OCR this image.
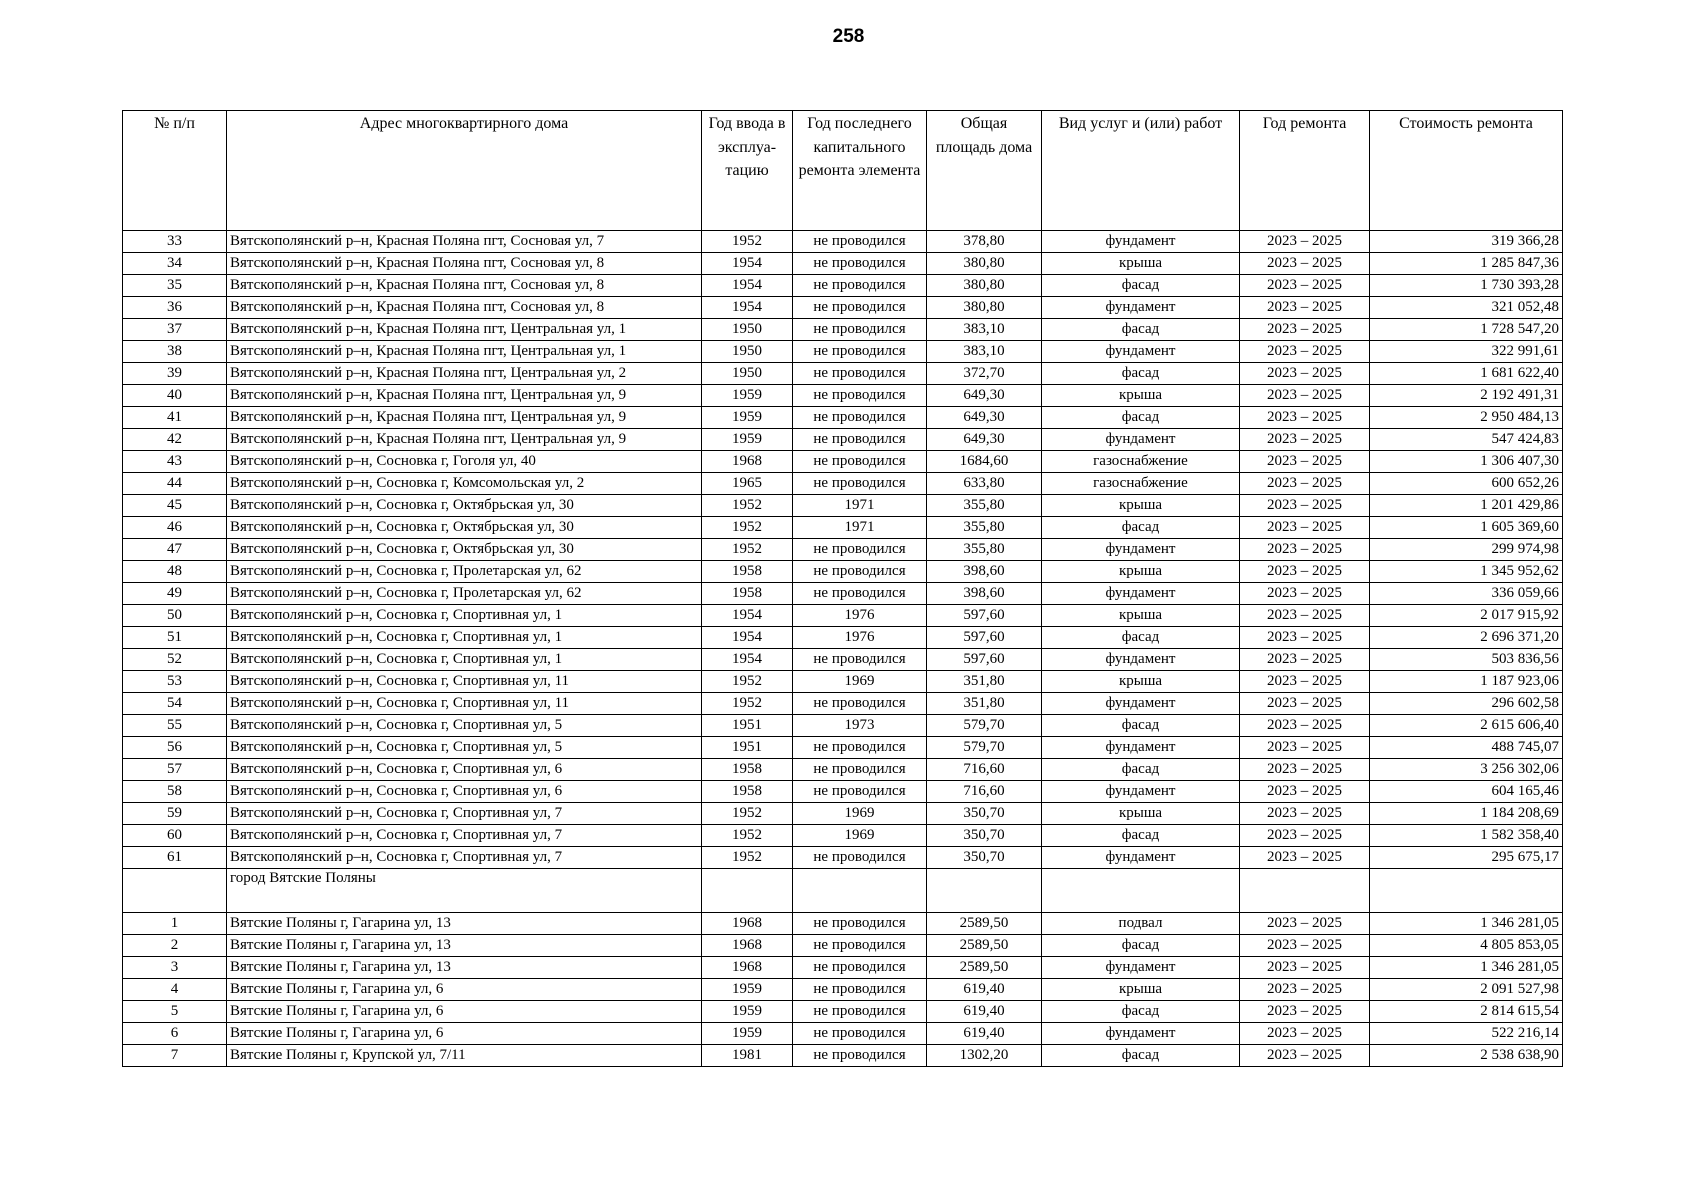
258
№ п/п	Адрес многоквартирного дома	Год ввода в эксплуа-тацию	Год последнего капитального ремонта элемента	Общая площадь дома	Вид услуг и (или) работ	Год ремонта	Стоимость ремонта
33	Вятскополянский р–н, Красная Поляна пгт, Сосновая ул, 7	1952	не проводился	378,80	фундамент	2023 – 2025	319 366,28
34	Вятскополянский р–н, Красная Поляна пгт, Сосновая ул, 8	1954	не проводился	380,80	крыша	2023 – 2025	1 285 847,36
35	Вятскополянский р–н, Красная Поляна пгт, Сосновая ул, 8	1954	не проводился	380,80	фасад	2023 – 2025	1 730 393,28
36	Вятскополянский р–н, Красная Поляна пгт, Сосновая ул, 8	1954	не проводился	380,80	фундамент	2023 – 2025	321 052,48
37	Вятскополянский р–н, Красная Поляна пгт, Центральная ул, 1	1950	не проводился	383,10	фасад	2023 – 2025	1 728 547,20
38	Вятскополянский р–н, Красная Поляна пгт, Центральная ул, 1	1950	не проводился	383,10	фундамент	2023 – 2025	322 991,61
39	Вятскополянский р–н, Красная Поляна пгт, Центральная ул, 2	1950	не проводился	372,70	фасад	2023 – 2025	1 681 622,40
40	Вятскополянский р–н, Красная Поляна пгт, Центральная ул, 9	1959	не проводился	649,30	крыша	2023 – 2025	2 192 491,31
41	Вятскополянский р–н, Красная Поляна пгт, Центральная ул, 9	1959	не проводился	649,30	фасад	2023 – 2025	2 950 484,13
42	Вятскополянский р–н, Красная Поляна пгт, Центральная ул, 9	1959	не проводился	649,30	фундамент	2023 – 2025	547 424,83
43	Вятскополянский р–н, Сосновка г, Гоголя ул, 40	1968	не проводился	1684,60	газоснабжение	2023 – 2025	1 306 407,30
44	Вятскополянский р–н, Сосновка г, Комсомольская ул, 2	1965	не проводился	633,80	газоснабжение	2023 – 2025	600 652,26
45	Вятскополянский р–н, Сосновка г, Октябрьская ул, 30	1952	1971	355,80	крыша	2023 – 2025	1 201 429,86
46	Вятскополянский р–н, Сосновка г, Октябрьская ул, 30	1952	1971	355,80	фасад	2023 – 2025	1 605 369,60
47	Вятскополянский р–н, Сосновка г, Октябрьская ул, 30	1952	не проводился	355,80	фундамент	2023 – 2025	299 974,98
48	Вятскополянский р–н, Сосновка г, Пролетарская ул, 62	1958	не проводился	398,60	крыша	2023 – 2025	1 345 952,62
49	Вятскополянский р–н, Сосновка г, Пролетарская ул, 62	1958	не проводился	398,60	фундамент	2023 – 2025	336 059,66
50	Вятскополянский р–н, Сосновка г, Спортивная ул, 1	1954	1976	597,60	крыша	2023 – 2025	2 017 915,92
51	Вятскополянский р–н, Сосновка г, Спортивная ул, 1	1954	1976	597,60	фасад	2023 – 2025	2 696 371,20
52	Вятскополянский р–н, Сосновка г, Спортивная ул, 1	1954	не проводился	597,60	фундамент	2023 – 2025	503 836,56
53	Вятскополянский р–н, Сосновка г, Спортивная ул, 11	1952	1969	351,80	крыша	2023 – 2025	1 187 923,06
54	Вятскополянский р–н, Сосновка г, Спортивная ул, 11	1952	не проводился	351,80	фундамент	2023 – 2025	296 602,58
55	Вятскополянский р–н, Сосновка г, Спортивная ул, 5	1951	1973	579,70	фасад	2023 – 2025	2 615 606,40
56	Вятскополянский р–н, Сосновка г, Спортивная ул, 5	1951	не проводился	579,70	фундамент	2023 – 2025	488 745,07
57	Вятскополянский р–н, Сосновка г, Спортивная ул, 6	1958	не проводился	716,60	фасад	2023 – 2025	3 256 302,06
58	Вятскополянский р–н, Сосновка г, Спортивная ул, 6	1958	не проводился	716,60	фундамент	2023 – 2025	604 165,46
59	Вятскополянский р–н, Сосновка г, Спортивная ул, 7	1952	1969	350,70	крыша	2023 – 2025	1 184 208,69
60	Вятскополянский р–н, Сосновка г, Спортивная ул, 7	1952	1969	350,70	фасад	2023 – 2025	1 582 358,40
61	Вятскополянский р–н, Сосновка г, Спортивная ул, 7	1952	не проводился	350,70	фундамент	2023 – 2025	295 675,17
	город Вятские Поляны						
1	Вятские Поляны г, Гагарина ул, 13	1968	не проводился	2589,50	подвал	2023 – 2025	1 346 281,05
2	Вятские Поляны г, Гагарина ул, 13	1968	не проводился	2589,50	фасад	2023 – 2025	4 805 853,05
3	Вятские Поляны г, Гагарина ул, 13	1968	не проводился	2589,50	фундамент	2023 – 2025	1 346 281,05
4	Вятские Поляны г, Гагарина ул, 6	1959	не проводился	619,40	крыша	2023 – 2025	2 091 527,98
5	Вятские Поляны г, Гагарина ул, 6	1959	не проводился	619,40	фасад	2023 – 2025	2 814 615,54
6	Вятские Поляны г, Гагарина ул, 6	1959	не проводился	619,40	фундамент	2023 – 2025	522 216,14
7	Вятские Поляны г, Крупской ул, 7/11	1981	не проводился	1302,20	фасад	2023 – 2025	2 538 638,90
